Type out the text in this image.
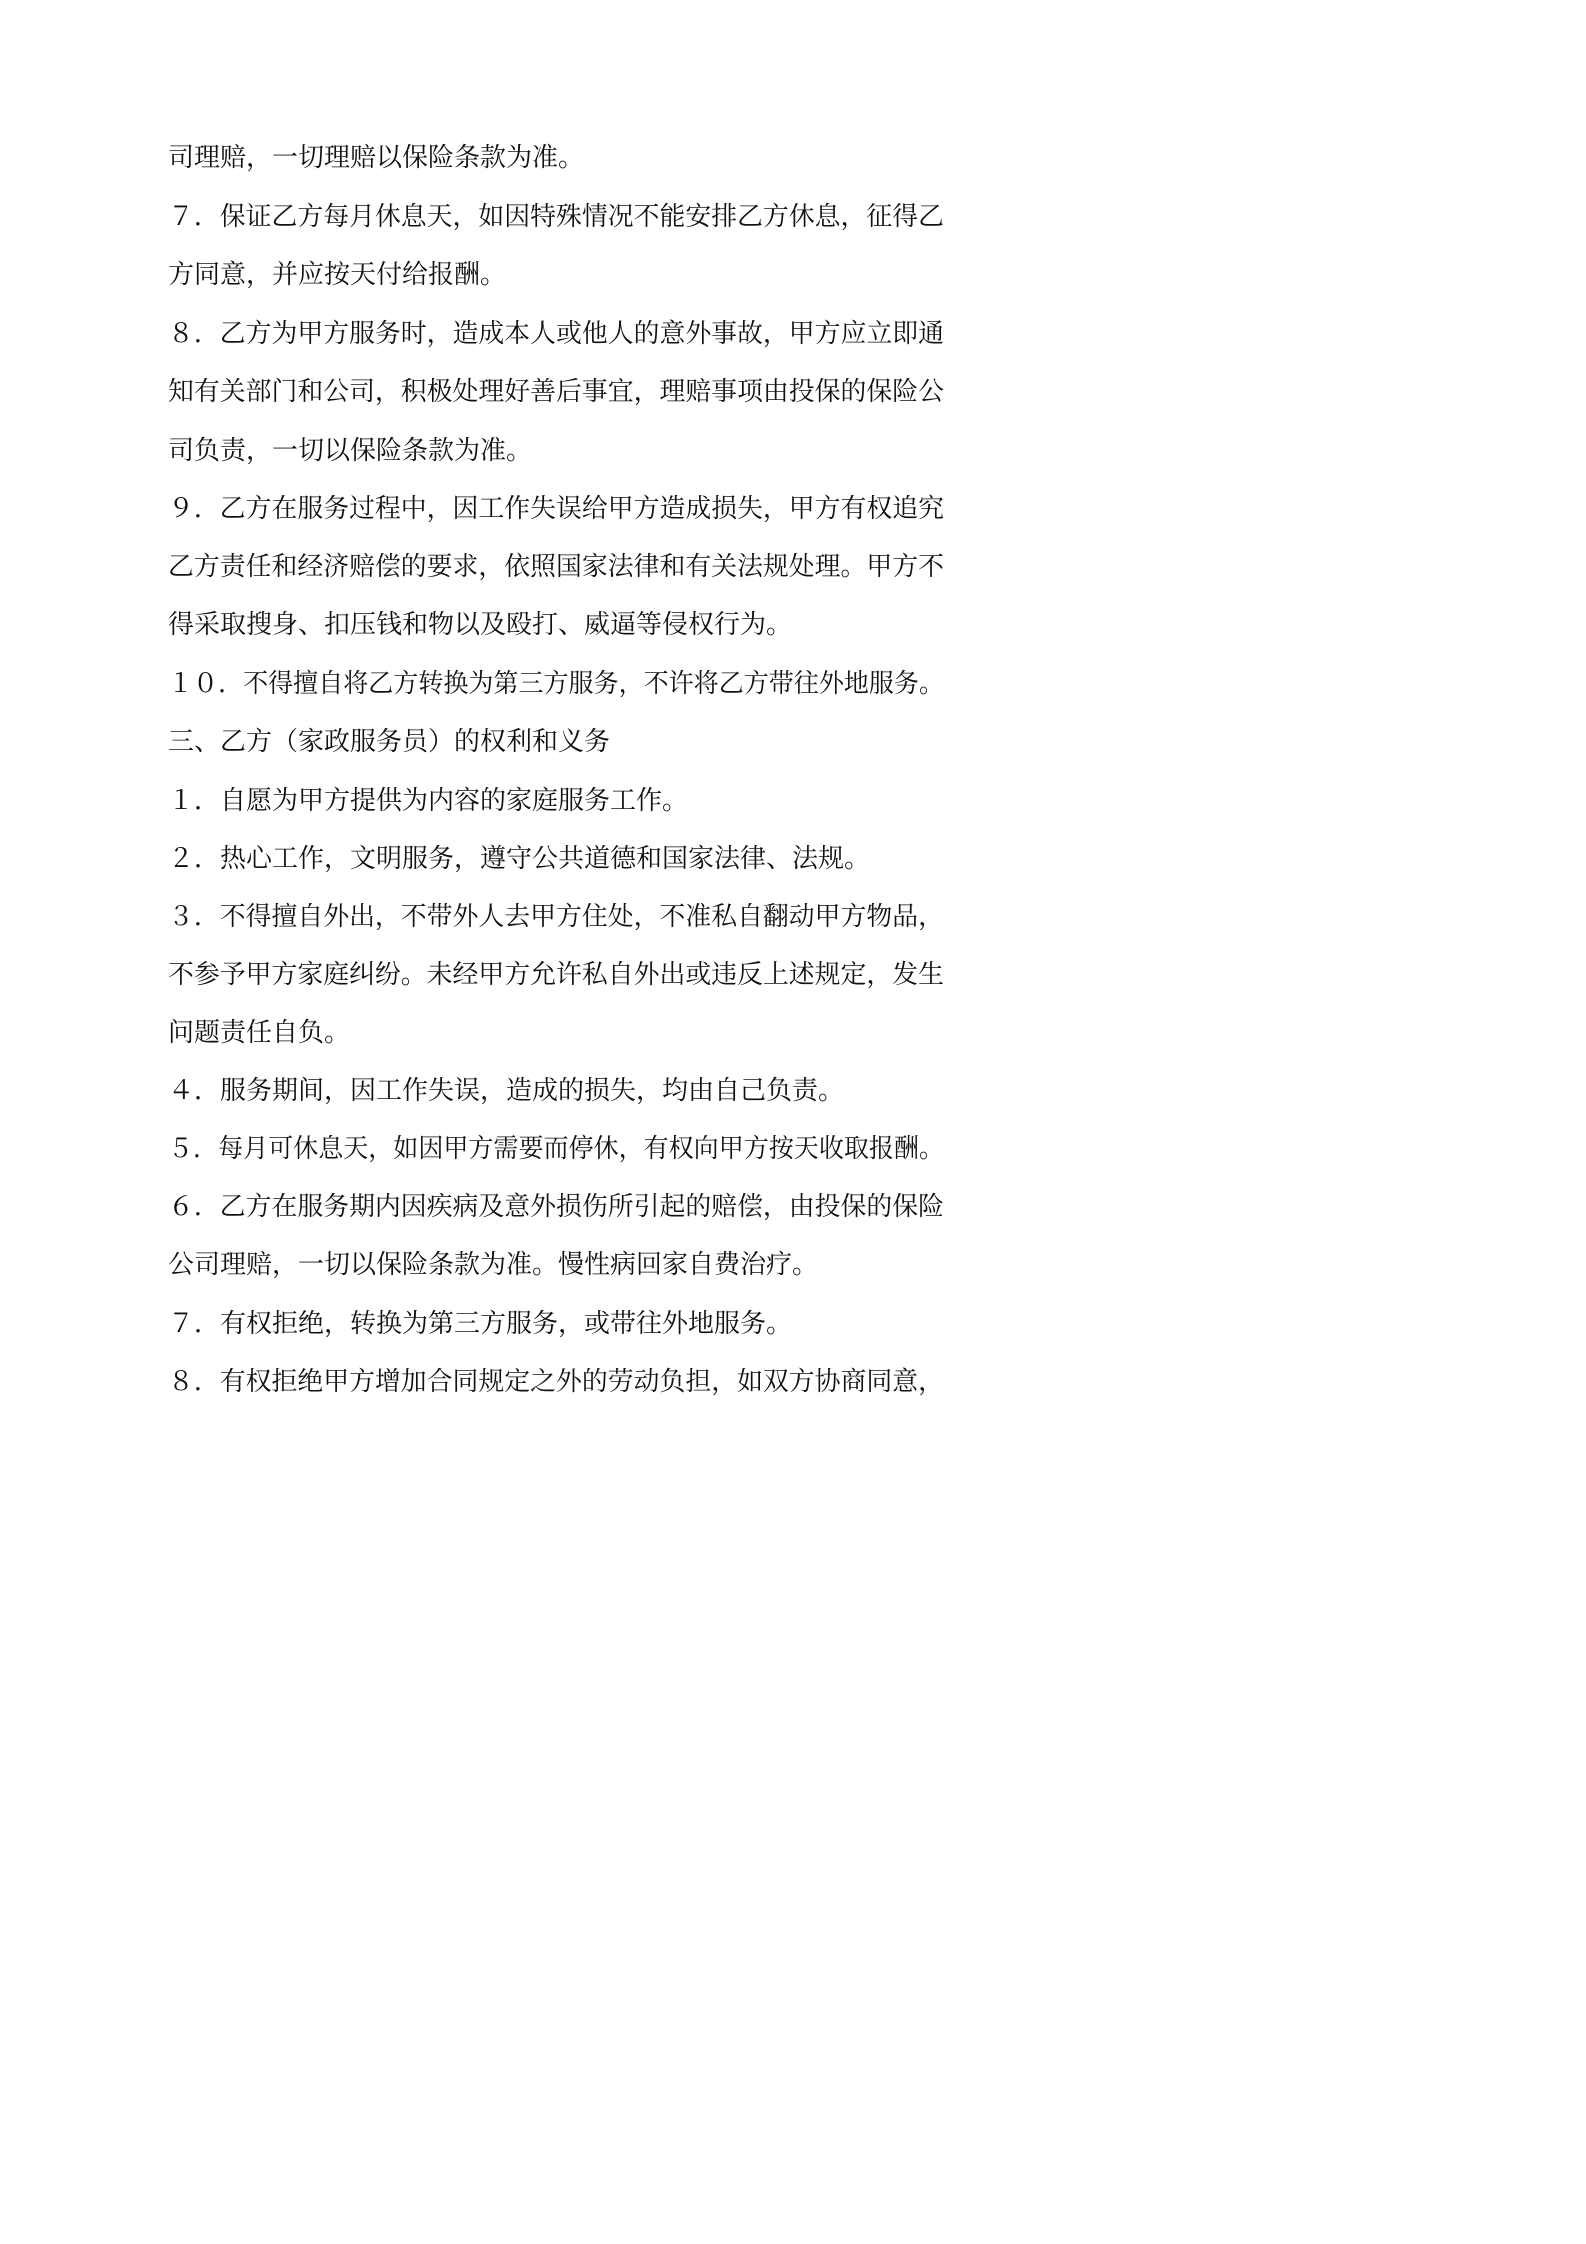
司理赔，一切理赔以保险条款为准。

７．保证乙方每月休息天，如因特殊情况不能安排乙方休息，征得乙

方同意，并应按天付给报酬。

８．乙方为甲方服务时，造成本人或他人的意外事故，甲方应立即通

知有关部门和公司，积极处理好善后事宜，理赔事项由投保的保险公

司负责，一切以保险条款为准。

９．乙方在服务过程中，因工作失误给甲方造成损失，甲方有权追究

乙方责任和经济赔偿的要求，依照国家法律和有关法规处理。甲方不

得采取搜身、扣压钱和物以及殴打、威逼等侵权行为。

１０．不得擅自将乙方转换为第三方服务，不许将乙方带往外地服务。

三、乙方（家政服务员）的权利和义务

１．自愿为甲方提供为内容的家庭服务工作。

２．热心工作，文明服务，遵守公共道德和国家法律、法规。

３．不得擅自外出，不带外人去甲方住处，不准私自翻动甲方物品，

不参予甲方家庭纠纷。未经甲方允许私自外出或违反上述规定，发生

问题责任自负。

４．服务期间，因工作失误，造成的损失，均由自己负责。

５．每月可休息天，如因甲方需要而停休，有权向甲方按天收取报酬。

６．乙方在服务期内因疾病及意外损伤所引起的赔偿，由投保的保险

公司理赔，一切以保险条款为准。慢性病回家自费治疗。

７．有权拒绝，转换为第三方服务，或带往外地服务。

８．有权拒绝甲方增加合同规定之外的劳动负担，如双方协商同意，
